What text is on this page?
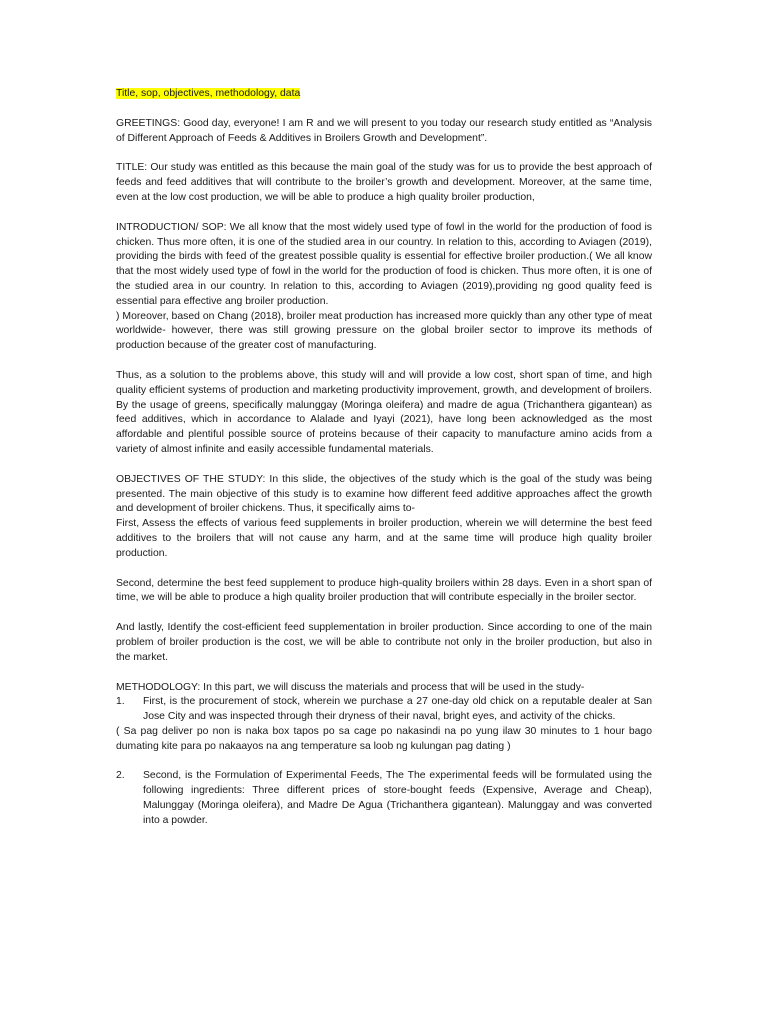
Title, sop, objectives, methodology, data

GREETINGS: Good day, everyone! I am R and we will present to you today our research study entitled as “Analysis of Different Approach of Feeds & Additives in Broilers Growth and Development”.

TITLE: Our study was entitled as this because the main goal of the study was for us to provide the best approach of feeds and feed additives that will contribute to the broiler’s growth and development. Moreover, at the same time, even at the low cost production, we will be able to produce a high quality broiler production,

INTRODUCTION/ SOP: We all know that the most widely used type of fowl in the world for the production of food is chicken. Thus more often, it is one of the studied area in our country. In relation to this, according to Aviagen (2019), providing the birds with feed of the greatest possible quality is essential for effective broiler production.( We all know that the most widely used type of fowl in the world for the production of food is chicken. Thus more often, it is one of the studied area in our country. In relation to this, according to Aviagen (2019),providing ng good quality feed is essential para effective ang broiler production.

) Moreover, based on Chang (2018), broiler meat production has increased more quickly than any other type of meat worldwide- however, there was still growing pressure on the global broiler sector to improve its methods of production because of the greater cost of manufacturing.

Thus, as a solution to the problems above, this study will and will provide a low cost, short span of time, and high quality efficient systems of production and marketing productivity improvement, growth, and development of broilers. By the usage of greens, specifically malunggay (Moringa oleifera) and madre de agua (Trichanthera gigantean) as feed additives, which in accordance to Alalade and Iyayi (2021), have long been acknowledged as the most affordable and plentiful possible source of proteins because of their capacity to manufacture amino acids from a variety of almost infinite and easily accessible fundamental materials.

OBJECTIVES OF THE STUDY: In this slide, the objectives of the study which is the goal of the study was being presented. The main objective of this study is to examine how different feed additive approaches affect the growth and development of broiler chickens. Thus, it specifically aims to-

First, Assess the effects of various feed supplements in broiler production, wherein we will determine the best feed additives to the broilers that will not cause any harm, and at the same time will produce high quality broiler production.

Second, determine the best feed supplement to produce high-quality broilers within 28 days. Even in a short span of time, we will be able to produce a high quality broiler production that will contribute especially in the broiler sector.

And lastly, Identify the cost-efficient feed supplementation in broiler production. Since according to one of the main problem of broiler production is the cost, we will be able to contribute not only in the broiler production, but also in the market.

METHODOLOGY: In this part, we will discuss the materials and process that will be used in the study-

1.	First, is the procurement of stock, wherein we purchase a 27 one-day old chick on a reputable dealer at San Jose City and was inspected through their dryness of their naval, bright eyes, and activity of the chicks.

( Sa pag deliver po non is naka box tapos po sa cage po nakasindi na po yung ilaw 30 minutes to 1 hour bago dumating kite para po nakaayos na ang temperature sa loob ng kulungan pag dating )

2.	Second, is the Formulation of Experimental Feeds, The The experimental feeds will be formulated using the following ingredients: Three different prices of store-bought feeds (Expensive, Average and Cheap), Malunggay (Moringa oleifera), and Madre De Agua (Trichanthera gigantean). Malunggay and was converted into a powder.
